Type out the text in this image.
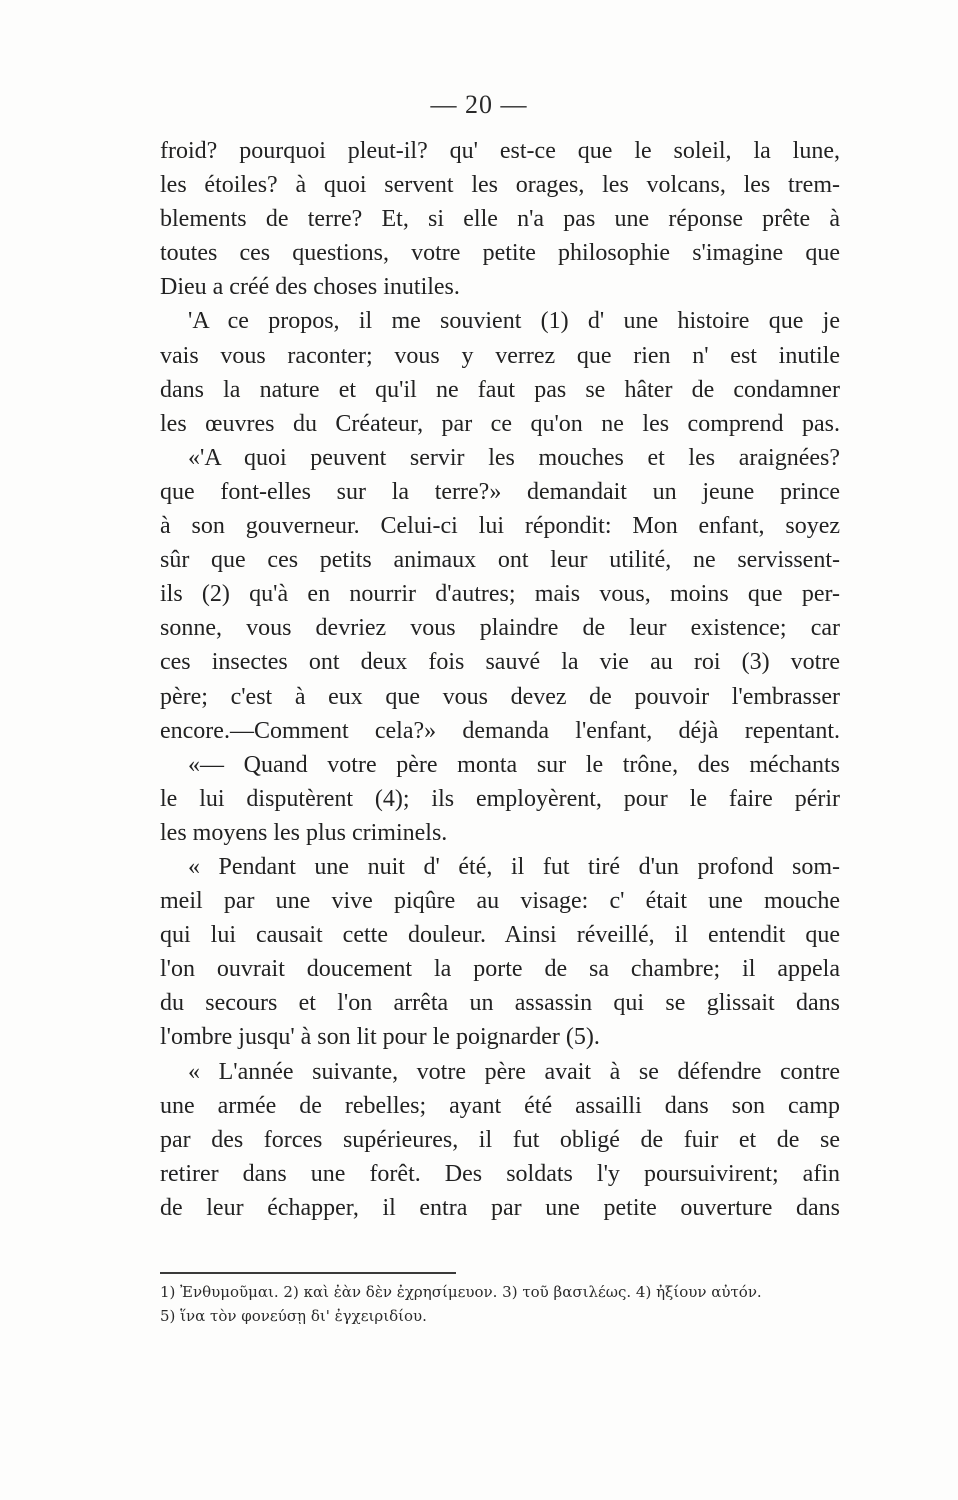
— 20 —
froid? pourquoi pleut-il? qu' est-ce que le soleil, la lune,
les étoiles? à quoi servent les orages, les volcans, les trem-
blements de terre? Et, si elle n'a pas une réponse prête à
toutes ces questions, votre petite philosophie s'imagine que
Dieu a créé des choses inutiles.
'A ce propos, il me souvient (1) d' une histoire que je
vais vous raconter; vous y verrez que rien n' est inutile
dans la nature et qu'il ne faut pas se hâter de condamner
les œuvres du Créateur, par ce qu'on ne les comprend pas.
«'A quoi peuvent servir les mouches et les araignées?
que font-elles sur la terre?» demandait un jeune prince
à son gouverneur. Celui-ci lui répondit: Mon enfant, soyez
sûr que ces petits animaux ont leur utilité, ne servissent-
ils (2) qu'à en nourrir d'autres; mais vous, moins que per-
sonne, vous devriez vous plaindre de leur existence; car
ces insectes ont deux fois sauvé la vie au roi (3) votre
père; c'est à eux que vous devez de pouvoir l'embrasser
encore.—Comment cela?» demanda l'enfant, déjà repentant.
«— Quand votre père monta sur le trône, des méchants
le lui disputèrent (4); ils employèrent, pour le faire périr
les moyens les plus criminels.
« Pendant une nuit d' été, il fut tiré d'un profond som-
meil par une vive piqûre au visage: c' était une mouche
qui lui causait cette douleur. Ainsi réveillé, il entendit que
l'on ouvrait doucement la porte de sa chambre; il appela
du secours et l'on arrêta un assassin qui se glissait dans
l'ombre jusqu' à son lit pour le poignarder (5).
« L'année suivante, votre père avait à se défendre contre
une armée de rebelles; ayant été assailli dans son camp
par des forces supérieures, il fut obligé de fuir et de se
retirer dans une forêt. Des soldats l'y poursuivirent; afin
de leur échapper, il entra par une petite ouverture dans
1) Ἐνθυμοῦμαι. 2) καὶ ἐὰν δὲν ἐχρησίμευον. 3) τοῦ βασιλέως. 4) ἠξίουν αὐτόν.
5) ἵνα τὸν φονεύσῃ δι' ἐγχειριδίου.
